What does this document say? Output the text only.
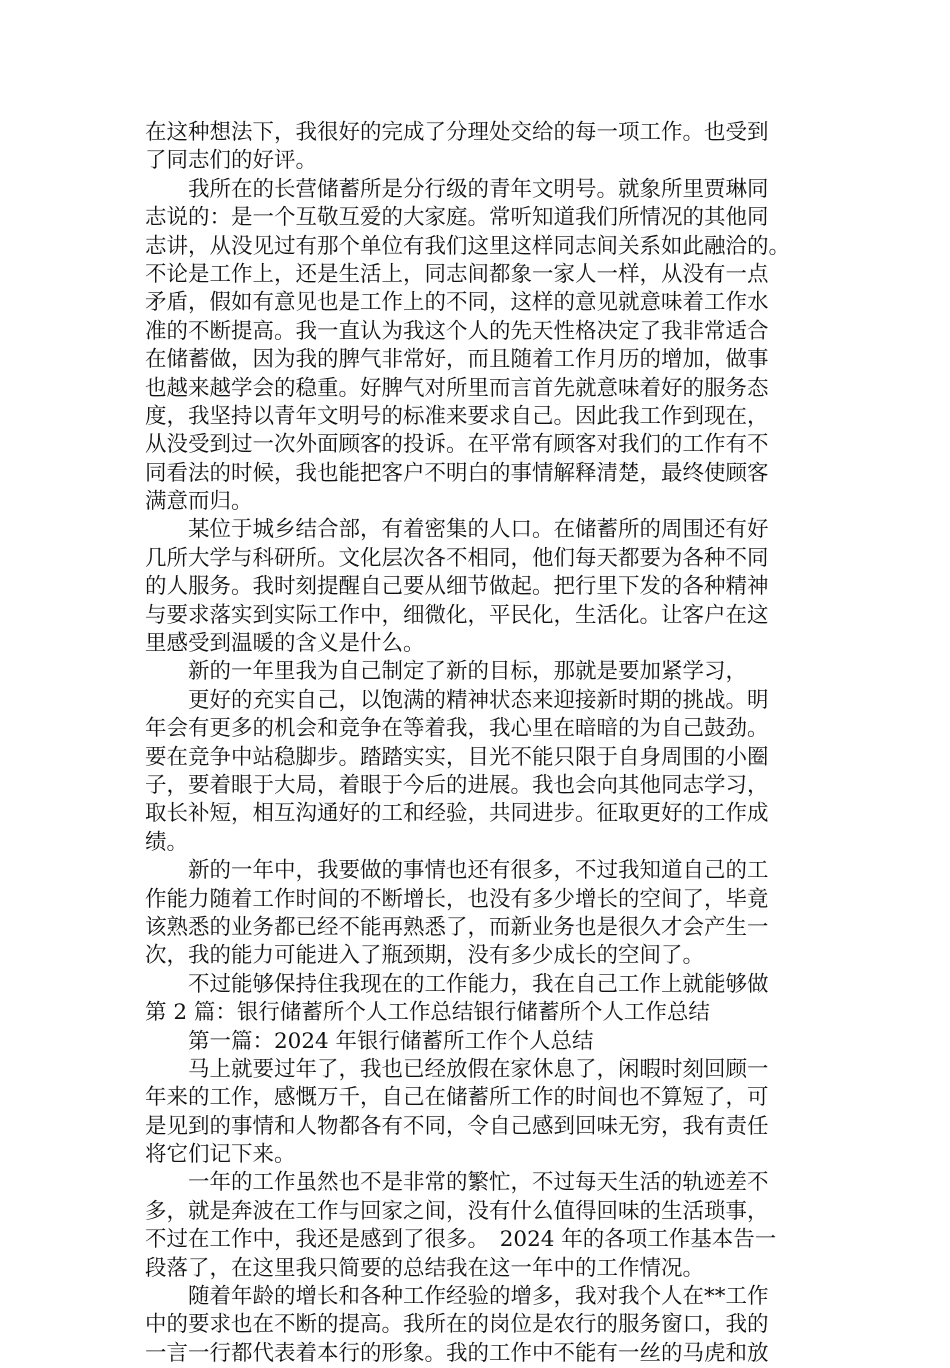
在这种想法下，我很好的完成了分理处交给的每一项工作。也受到
了同志们的好评。
　　我所在的长营储蓄所是分行级的青年文明号。就象所里贾琳同
志说的：是一个互敬互爱的大家庭。常听知道我们所情况的其他同
志讲，从没见过有那个单位有我们这里这样同志间关系如此融洽的。
不论是工作上，还是生活上，同志间都象一家人一样，从没有一点
矛盾，假如有意见也是工作上的不同，这样的意见就意味着工作水
准的不断提高。我一直认为我这个人的先天性格决定了我非常适合
在储蓄做，因为我的脾气非常好，而且随着工作月历的增加，做事
也越来越学会的稳重。好脾气对所里而言首先就意味着好的服务态
度，我坚持以青年文明号的标准来要求自己。因此我工作到现在，
从没受到过一次外面顾客的投诉。在平常有顾客对我们的工作有不
同看法的时候，我也能把客户不明白的事情解释清楚，最终使顾客
满意而归。
　　某位于城乡结合部，有着密集的人口。在储蓄所的周围还有好
几所大学与科研所。文化层次各不相同，他们每天都要为各种不同
的人服务。我时刻提醒自己要从细节做起。把行里下发的各种精神
与要求落实到实际工作中，细微化，平民化，生活化。让客户在这
里感受到温暖的含义是什么。
　　新的一年里我为自己制定了新的目标，那就是要加紧学习，
　　更好的充实自己，以饱满的精神状态来迎接新时期的挑战。明
年会有更多的机会和竞争在等着我，我心里在暗暗的为自己鼓劲。
要在竞争中站稳脚步。踏踏实实，目光不能只限于自身周围的小圈
子，要着眼于大局，着眼于今后的进展。我也会向其他同志学习，
取长补短，相互沟通好的工和经验，共同进步。征取更好的工作成
绩。
　　新的一年中，我要做的事情也还有很多，不过我知道自己的工
作能力随着工作时间的不断增长，也没有多少增长的空间了，毕竟
该熟悉的业务都已经不能再熟悉了，而新业务也是很久才会产生一
次，我的能力可能进入了瓶颈期，没有多少成长的空间了。
　　不过能够保持住我现在的工作能力，我在自己工作上就能够做
第 2 篇：银行储蓄所个人工作总结银行储蓄所个人工作总结
　　第一篇：2024 年银行储蓄所工作个人总结
　　马上就要过年了，我也已经放假在家休息了，闲暇时刻回顾一
年来的工作，感慨万千，自己在储蓄所工作的时间也不算短了，可
是见到的事情和人物都各有不同，令自己感到回味无穷，我有责任
将它们记下来。
　　一年的工作虽然也不是非常的繁忙，不过每天生活的轨迹差不
多，就是奔波在工作与回家之间，没有什么值得回味的生活琐事，
不过在工作中，我还是感到了很多。　2024 年的各项工作基本告一
段落了，在这里我只简要的总结我在这一年中的工作情况。
　　随着年龄的增长和各种工作经验的增多，我对我个人在**工作
中的要求也在不断的提高。我所在的岗位是农行的服务窗口，我的
一言一行都代表着本行的形象。我的工作中不能有一丝的马虎和放
